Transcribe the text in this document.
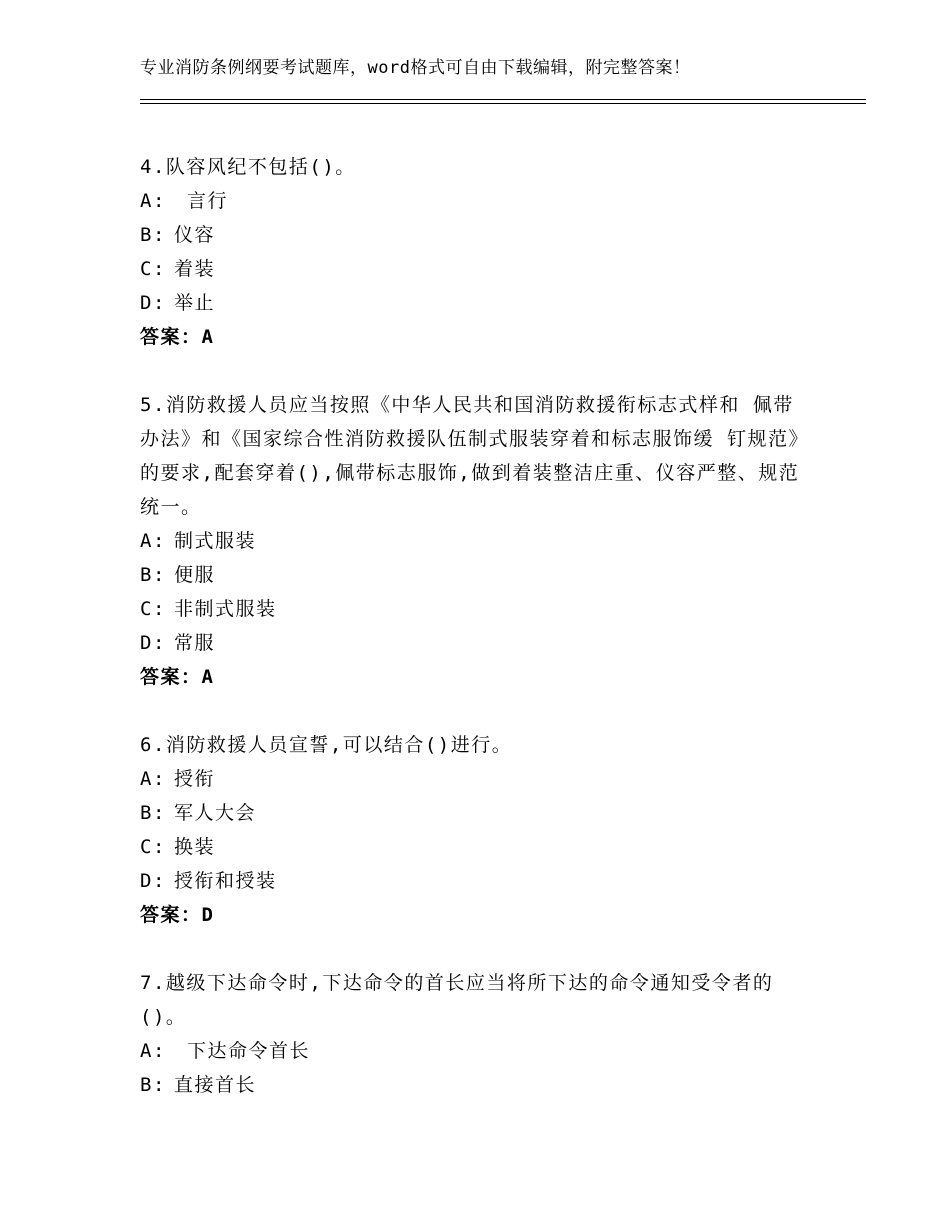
专业消防条例纲要考试题库，word格式可自由下载编辑，附完整答案！
4.队容风纪不包括()。
A: 言行
B: 仪容
C: 着装
D: 举止
答案：A
5.消防救援人员应当按照《中华人民共和国消防救援衔标志式样和 佩带办法》和《国家综合性消防救援队伍制式服装穿着和标志服饰缓 钉规范》的要求,配套穿着(),佩带标志服饰,做到着装整洁庄重、仪容严整、规范统一。
A: 制式服装
B: 便服
C: 非制式服装
D: 常服
答案：A
6.消防救援人员宣誓,可以结合()进行。
A: 授衔
B: 军人大会
C: 换装
D: 授衔和授装
答案：D
7.越级下达命令时,下达命令的首长应当将所下达的命令通知受令者的()。
A: 下达命令首长
B: 直接首长
